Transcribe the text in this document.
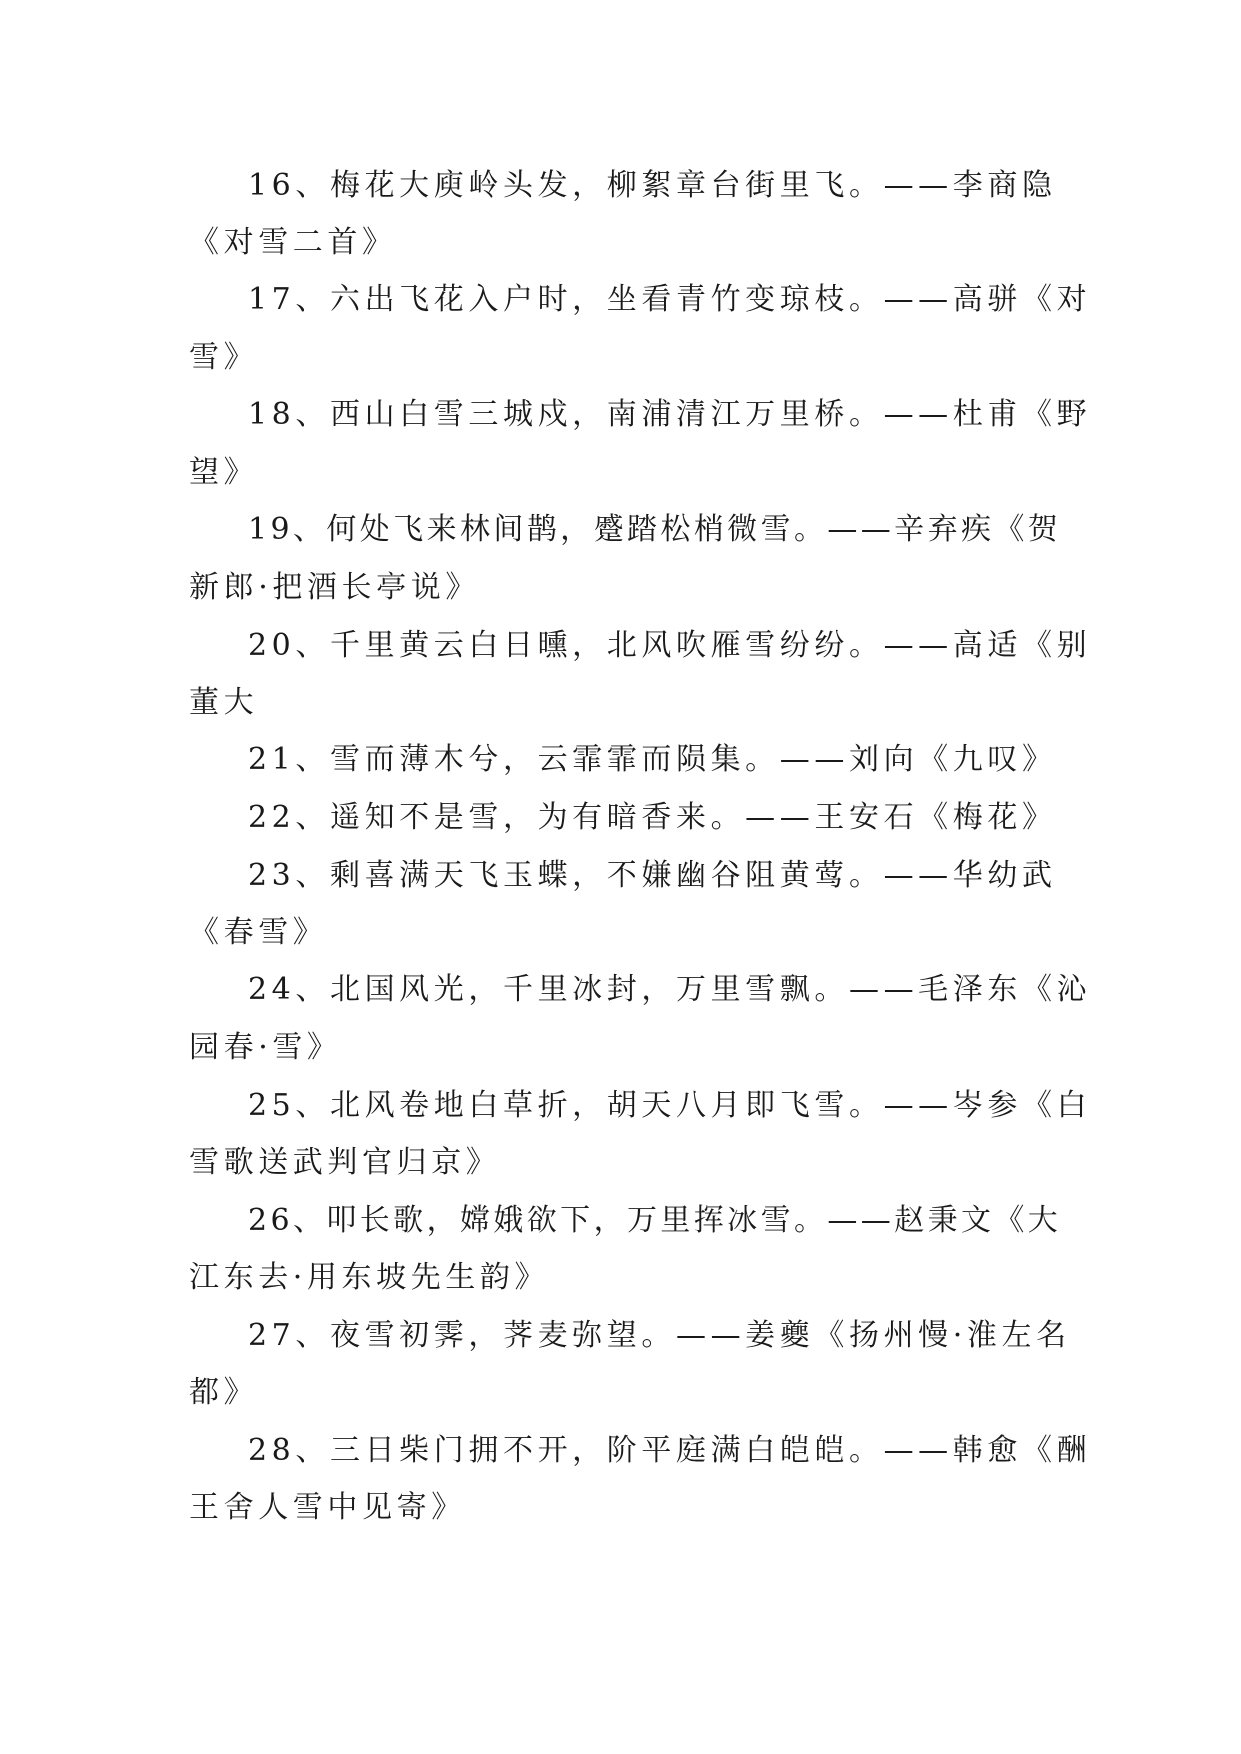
16、梅花大庾岭头发，柳絮章台街里飞。——李商隐
《对雪二首》
17、六出飞花入户时，坐看青竹变琼枝。——高骈《对
雪》
18、西山白雪三城戍，南浦清江万里桥。——杜甫《野
望》
19、何处飞来林间鹊，蹙踏松梢微雪。——辛弃疾《贺
新郎·把酒长亭说》
20、千里黄云白日曛，北风吹雁雪纷纷。——高适《别
董大
21、雪而薄木兮，云霏霏而陨集。——刘向《九叹》
22、遥知不是雪，为有暗香来。——王安石《梅花》
23、剩喜满天飞玉蝶，不嫌幽谷阻黄莺。——华幼武
《春雪》
24、北国风光，千里冰封，万里雪飘。——毛泽东《沁
园春·雪》
25、北风卷地白草折，胡天八月即飞雪。——岑参《白
雪歌送武判官归京》
26、叩长歌，嫦娥欲下，万里挥冰雪。——赵秉文《大
江东去·用东坡先生韵》
27、夜雪初霁，荠麦弥望。——姜夔《扬州慢·淮左名
都》
28、三日柴门拥不开，阶平庭满白皑皑。——韩愈《酬
王舍人雪中见寄》
